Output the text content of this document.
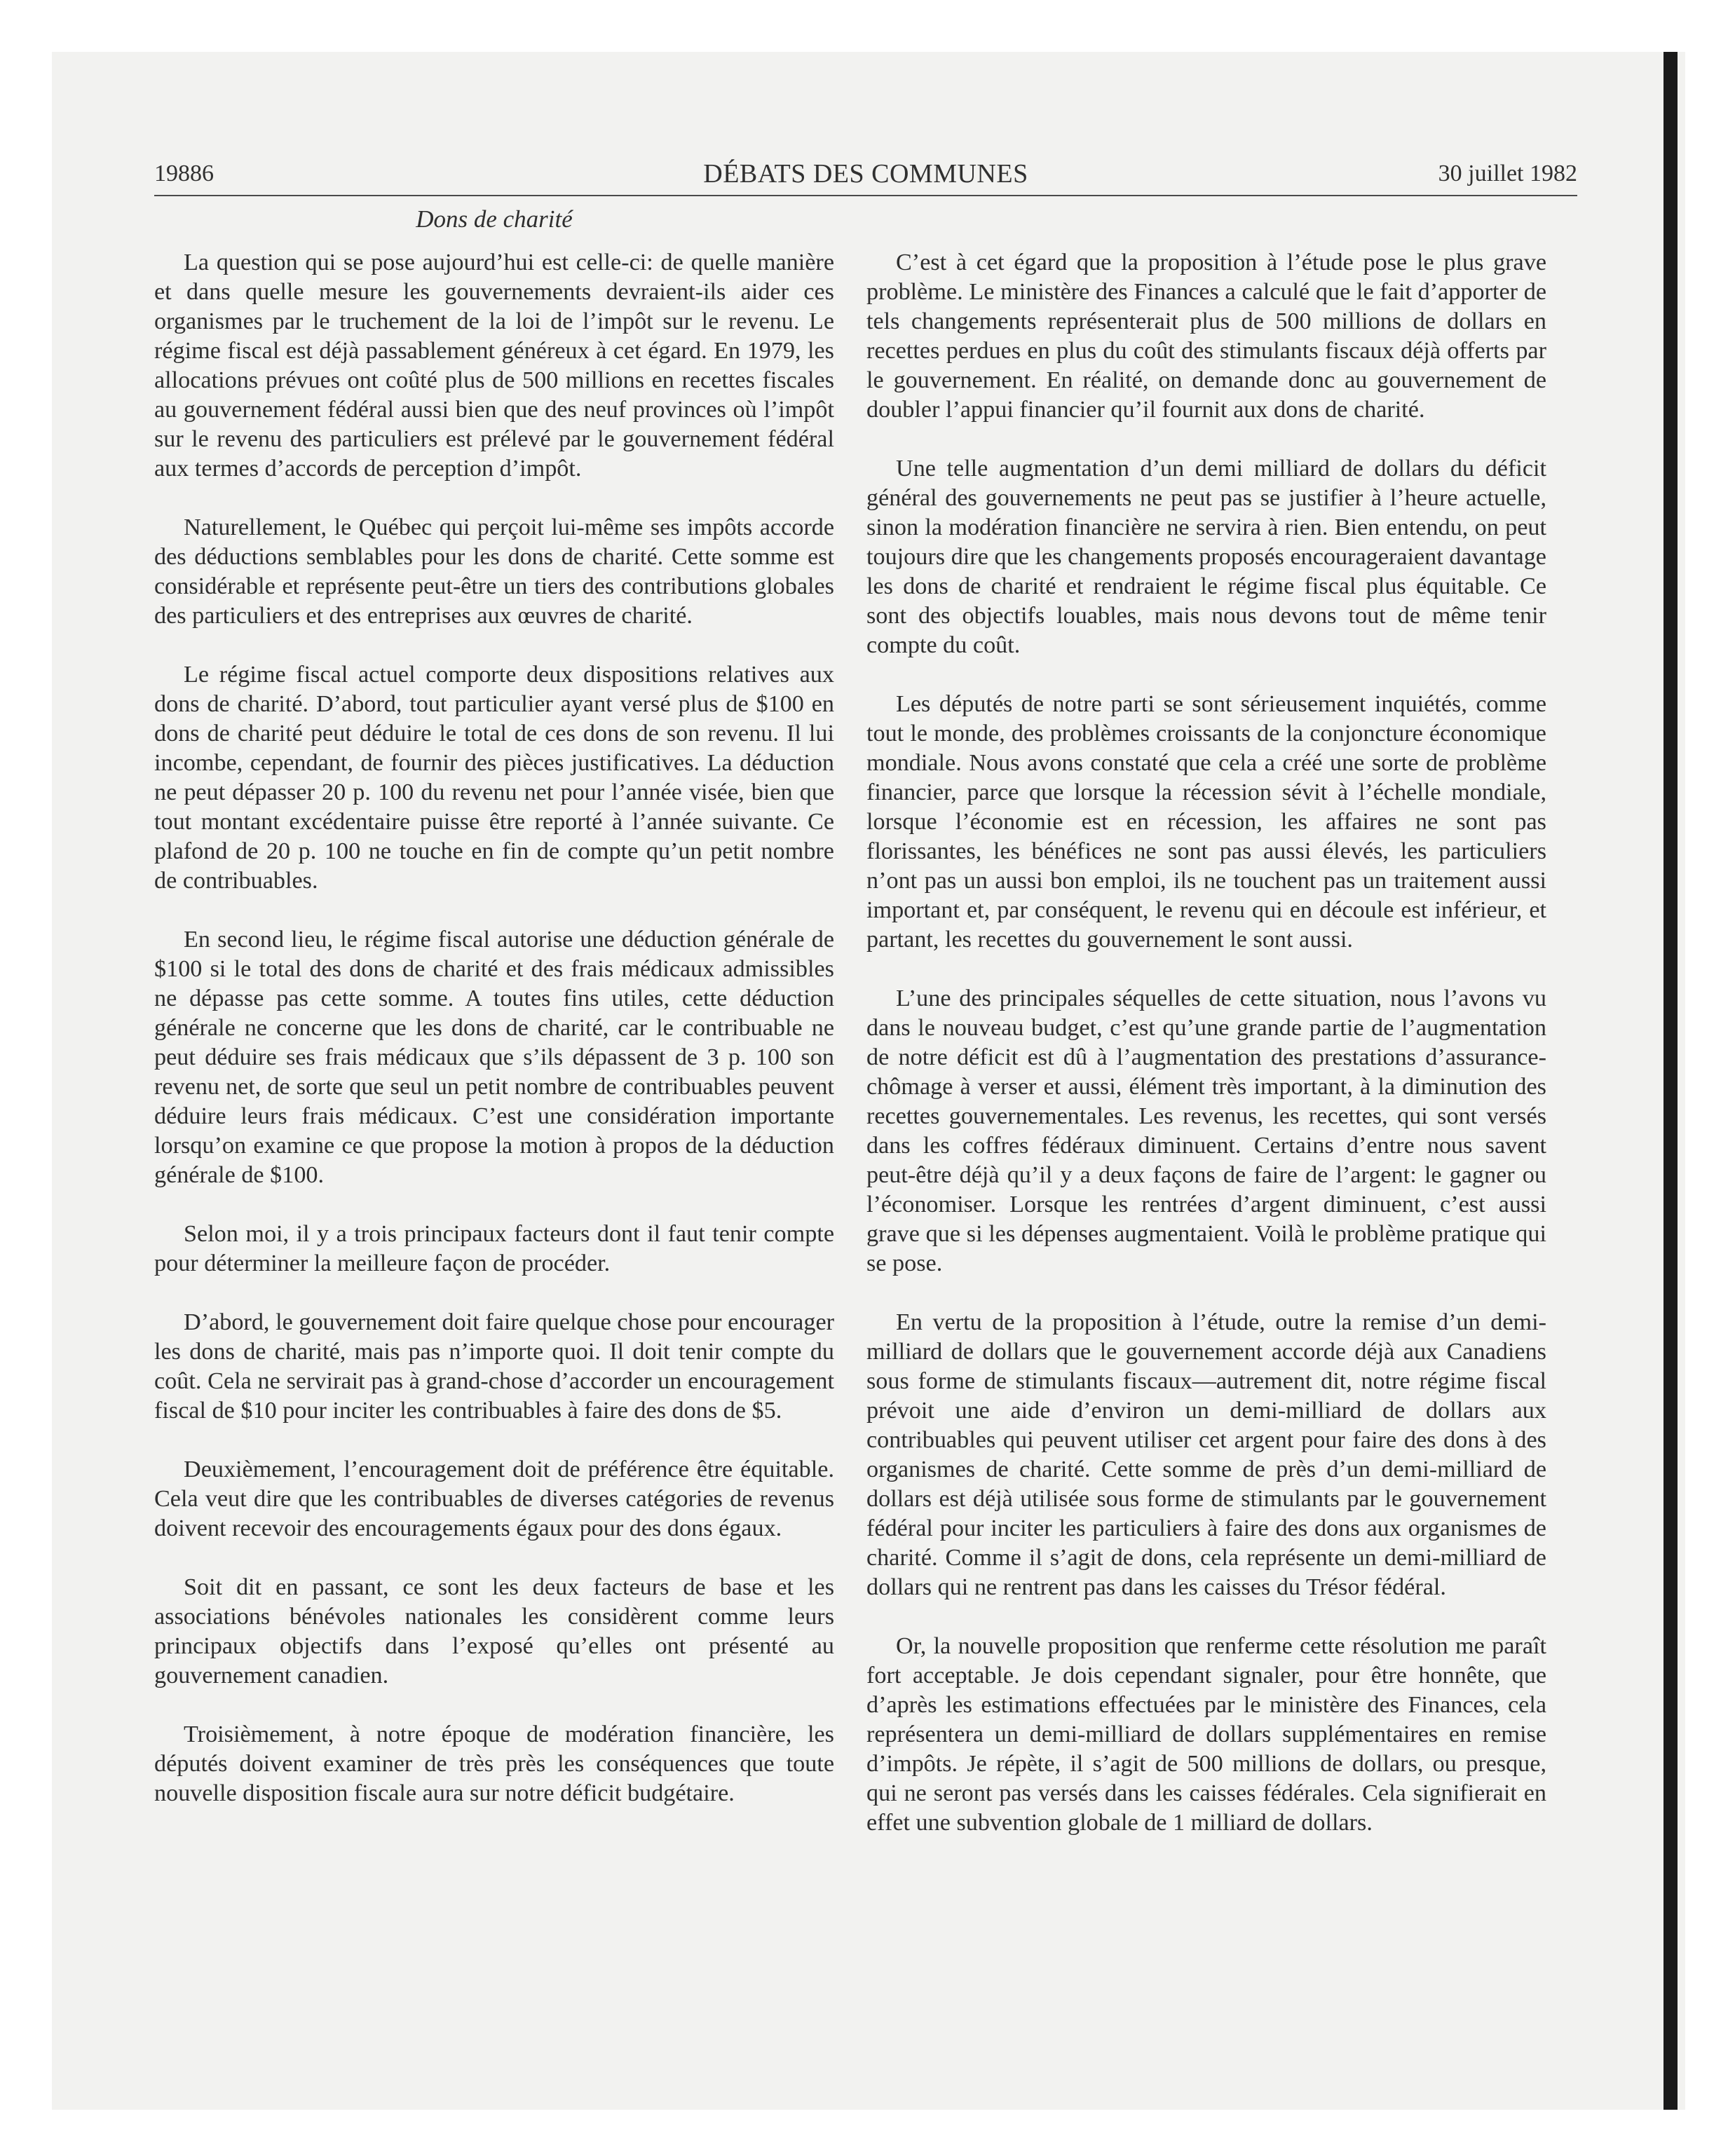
19886	DÉBATS DES COMMUNES	30 juillet 1982
Dons de charité

La question qui se pose aujourd’hui est celle-ci: de quelle manière et dans quelle mesure les gouvernements devraient-ils aider ces organismes par le truchement de la loi de l’impôt sur le revenu. Le régime fiscal est déjà passablement généreux à cet égard. En 1979, les allocations prévues ont coûté plus de 500 millions en recettes fiscales au gouvernement fédéral aussi bien que des neuf provinces où l’impôt sur le revenu des particuliers est prélevé par le gouvernement fédéral aux termes d’accords de perception d’impôt.

Naturellement, le Québec qui perçoit lui-même ses impôts accorde des déductions semblables pour les dons de charité. Cette somme est considérable et représente peut-être un tiers des contributions globales des particuliers et des entreprises aux œuvres de charité.

Le régime fiscal actuel comporte deux dispositions relatives aux dons de charité. D’abord, tout particulier ayant versé plus de $100 en dons de charité peut déduire le total de ces dons de son revenu. Il lui incombe, cependant, de fournir des pièces justificatives. La déduction ne peut dépasser 20 p. 100 du revenu net pour l’année visée, bien que tout montant excédentaire puisse être reporté à l’année suivante. Ce plafond de 20 p. 100 ne touche en fin de compte qu’un petit nombre de contribuables.

En second lieu, le régime fiscal autorise une déduction générale de $100 si le total des dons de charité et des frais médicaux admissibles ne dépasse pas cette somme. A toutes fins utiles, cette déduction générale ne concerne que les dons de charité, car le contribuable ne peut déduire ses frais médicaux que s’ils dépassent de 3 p. 100 son revenu net, de sorte que seul un petit nombre de contribuables peuvent déduire leurs frais médicaux. C’est une considération importante lorsqu’on examine ce que propose la motion à propos de la déduction générale de $100.

Selon moi, il y a trois principaux facteurs dont il faut tenir compte pour déterminer la meilleure façon de procéder.

D’abord, le gouvernement doit faire quelque chose pour encourager les dons de charité, mais pas n’importe quoi. Il doit tenir compte du coût. Cela ne servirait pas à grand-chose d’accorder un encouragement fiscal de $10 pour inciter les contribuables à faire des dons de $5.

Deuxièmement, l’encouragement doit de préférence être équitable. Cela veut dire que les contribuables de diverses catégories de revenus doivent recevoir des encouragements égaux pour des dons égaux.

Soit dit en passant, ce sont les deux facteurs de base et les associations bénévoles nationales les considèrent comme leurs principaux objectifs dans l’exposé qu’elles ont présenté au gouvernement canadien.

Troisièmement, à notre époque de modération financière, les députés doivent examiner de très près les conséquences que toute nouvelle disposition fiscale aura sur notre déficit budgétaire.

C’est à cet égard que la proposition à l’étude pose le plus grave problème. Le ministère des Finances a calculé que le fait d’apporter de tels changements représenterait plus de 500 millions de dollars en recettes perdues en plus du coût des stimulants fiscaux déjà offerts par le gouvernement. En réalité, on demande donc au gouvernement de doubler l’appui financier qu’il fournit aux dons de charité.

Une telle augmentation d’un demi milliard de dollars du déficit général des gouvernements ne peut pas se justifier à l’heure actuelle, sinon la modération financière ne servira à rien. Bien entendu, on peut toujours dire que les changements proposés encourageraient davantage les dons de charité et rendraient le régime fiscal plus équitable. Ce sont des objectifs louables, mais nous devons tout de même tenir compte du coût.

Les députés de notre parti se sont sérieusement inquiétés, comme tout le monde, des problèmes croissants de la conjoncture économique mondiale. Nous avons constaté que cela a créé une sorte de problème financier, parce que lorsque la récession sévit à l’échelle mondiale, lorsque l’économie est en récession, les affaires ne sont pas florissantes, les bénéfices ne sont pas aussi élevés, les particuliers n’ont pas un aussi bon emploi, ils ne touchent pas un traitement aussi important et, par conséquent, le revenu qui en découle est inférieur, et partant, les recettes du gouvernement le sont aussi.

L’une des principales séquelles de cette situation, nous l’avons vu dans le nouveau budget, c’est qu’une grande partie de l’augmentation de notre déficit est dû à l’augmentation des prestations d’assurance-chômage à verser et aussi, élément très important, à la diminution des recettes gouvernementales. Les revenus, les recettes, qui sont versés dans les coffres fédéraux diminuent. Certains d’entre nous savent peut-être déjà qu’il y a deux façons de faire de l’argent: le gagner ou l’économiser. Lorsque les rentrées d’argent diminuent, c’est aussi grave que si les dépenses augmentaient. Voilà le problème pratique qui se pose.

En vertu de la proposition à l’étude, outre la remise d’un demi-milliard de dollars que le gouvernement accorde déjà aux Canadiens sous forme de stimulants fiscaux—autrement dit, notre régime fiscal prévoit une aide d’environ un demi-milliard de dollars aux contribuables qui peuvent utiliser cet argent pour faire des dons à des organismes de charité. Cette somme de près d’un demi-milliard de dollars est déjà utilisée sous forme de stimulants par le gouvernement fédéral pour inciter les particuliers à faire des dons aux organismes de charité. Comme il s’agit de dons, cela représente un demi-milliard de dollars qui ne rentrent pas dans les caisses du Trésor fédéral.

Or, la nouvelle proposition que renferme cette résolution me paraît fort acceptable. Je dois cependant signaler, pour être honnête, que d’après les estimations effectuées par le ministère des Finances, cela représentera un demi-milliard de dollars supplémentaires en remise d’impôts. Je répète, il s’agit de 500 millions de dollars, ou presque, qui ne seront pas versés dans les caisses fédérales. Cela signifierait en effet une subvention globale de 1 milliard de dollars.
